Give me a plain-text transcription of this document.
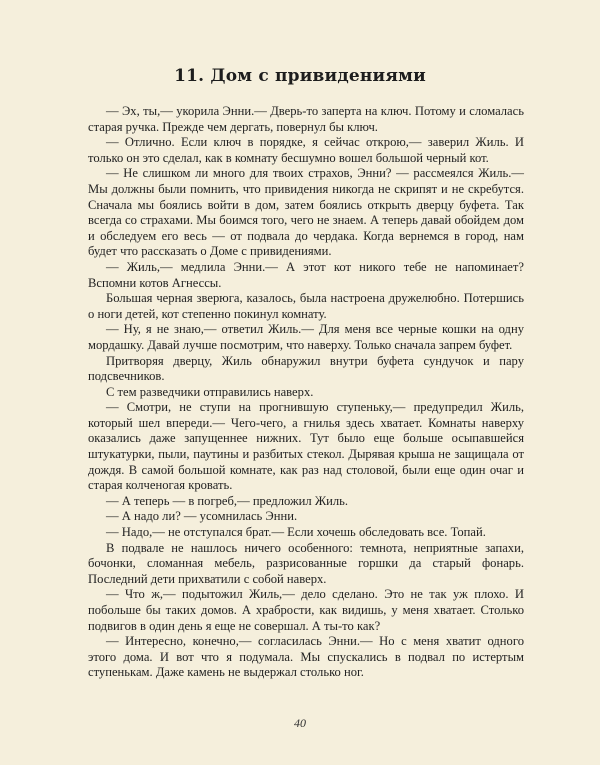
11. Дом с привидениями

— Эх, ты,— укорила Энни.— Дверь-то заперта на ключ. Потому и сломалась старая ручка. Прежде чем дергать, повернул бы ключ.

— Отлично. Если ключ в порядке, я сейчас открою,— заверил Жиль. И только он это сделал, как в комнату бесшумно вошел большой черный кот.

— Не слишком ли много для твоих страхов, Энни? — рассмеялся Жиль.— Мы должны были помнить, что привидения никогда не скрипят и не скребутся. Сначала мы боялись войти в дом, затем боялись открыть дверцу буфета. Так всегда со страхами. Мы боимся того, чего не знаем. А теперь давай обойдем дом и обследуем его весь — от подвала до чердака. Когда вернемся в город, нам будет что рассказать о Доме с привидениями.

— Жиль,— медлила Энни.— А этот кот никого тебе не напоминает? Вспомни котов Агнессы.

Большая черная зверюга, казалось, была настроена дружелюбно. Потершись о ноги детей, кот степенно покинул комнату.

— Ну, я не знаю,— ответил Жиль.— Для меня все черные кошки на одну мордашку. Давай лучше посмотрим, что наверху. Только сначала запрем буфет.

Притворяя дверцу, Жиль обнаружил внутри буфета сундучок и пару подсвечников.

С тем разведчики отправились наверх.

— Смотри, не ступи на прогнившую ступеньку,— предупредил Жиль, который шел впереди.— Чего-чего, а гнилья здесь хватает. Комнаты наверху оказались даже запущеннее нижних. Тут было еще больше осыпавшейся штукатурки, пыли, паутины и разбитых стекол. Дырявая крыша не защищала от дождя. В самой большой комнате, как раз над столовой, были еще один очаг и старая колченогая кровать.

— А теперь — в погреб,— предложил Жиль.

— А надо ли? — усомнилась Энни.

— Надо,— не отступался брат.— Если хочешь обследовать все. Топай.

В подвале не нашлось ничего особенного: темнота, неприятные запахи, бочонки, сломанная мебель, разрисованные горшки да старый фонарь. Последний дети прихватили с собой наверх.

— Что ж,— подытожил Жиль,— дело сделано. Это не так уж плохо. И побольше бы таких домов. А храбрости, как видишь, у меня хватает. Столько подвигов в один день я еще не совершал. А ты-то как?

— Интересно, конечно,— согласилась Энни.— Но с меня хватит одного этого дома. И вот что я подумала. Мы спускались в подвал по истертым ступенькам. Даже камень не выдержал столько ног.

40
